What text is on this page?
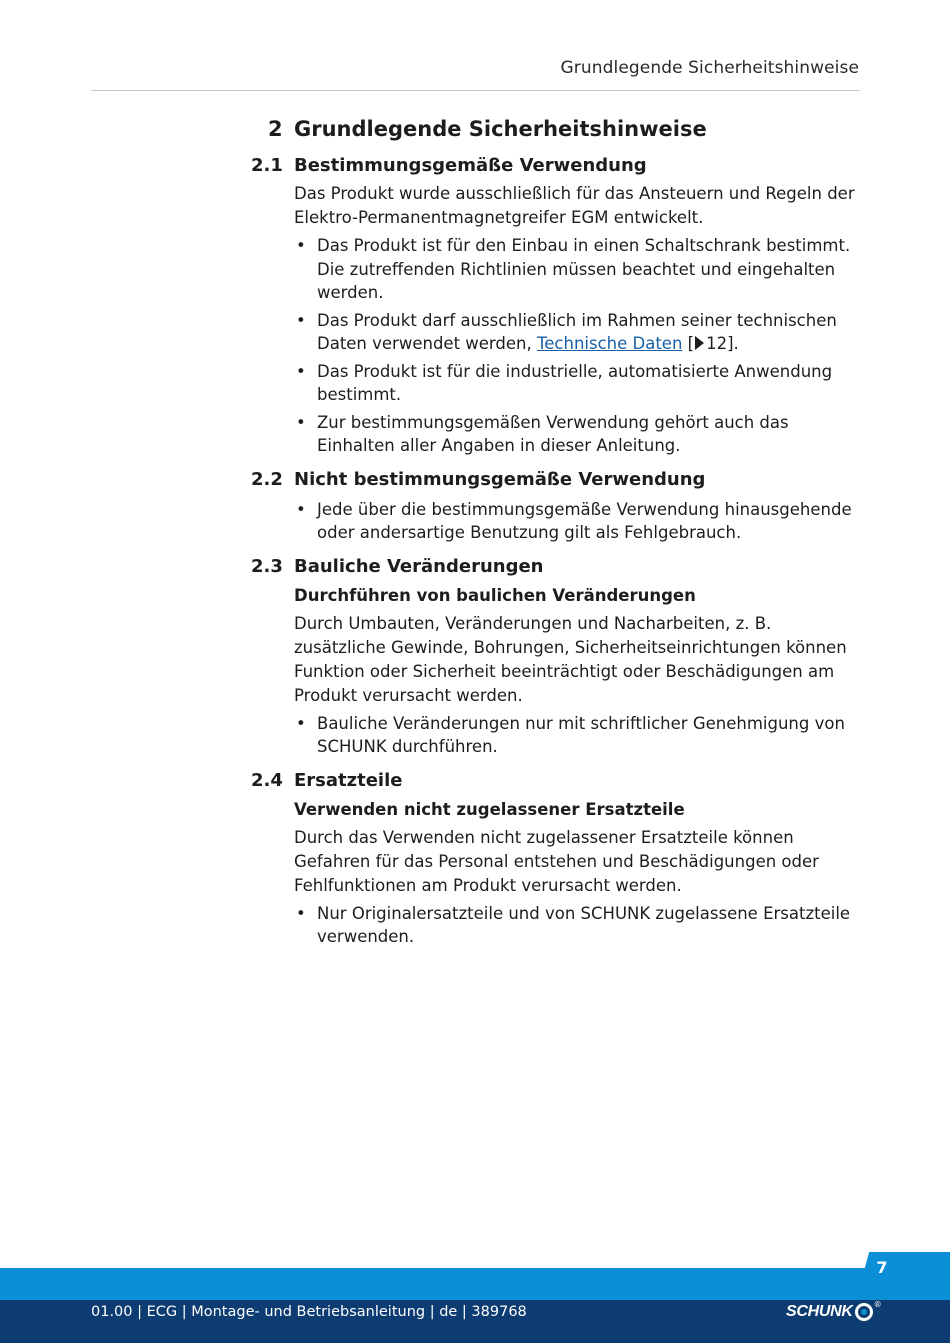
Grundlegende Sicherheitshinweise
2 Grundlegende Sicherheitshinweise
2.1 Bestimmungsgemäße Verwendung
Das Produkt wurde ausschließlich für das Ansteuern und Regeln der Elektro-Permanentmagnetgreifer EGM entwickelt.
• Das Produkt ist für den Einbau in einen Schaltschrank bestimmt. Die zutreffenden Richtlinien müssen beachtet und eingehalten werden.
• Das Produkt darf ausschließlich im Rahmen seiner technischen Daten verwendet werden, Technische Daten [ 12].
• Das Produkt ist für die industrielle, automatisierte Anwendung bestimmt.
• Zur bestimmungsgemäßen Verwendung gehört auch das Einhalten aller Angaben in dieser Anleitung.
2.2 Nicht bestimmungsgemäße Verwendung
• Jede über die bestimmungsgemäße Verwendung hinausgehende oder andersartige Benutzung gilt als Fehlgebrauch.
2.3 Bauliche Veränderungen
Durchführen von baulichen Veränderungen
Durch Umbauten, Veränderungen und Nacharbeiten, z. B. zusätzliche Gewinde, Bohrungen, Sicherheitseinrichtungen können Funktion oder Sicherheit beeinträchtigt oder Beschädigungen am Produkt verursacht werden.
• Bauliche Veränderungen nur mit schriftlicher Genehmigung von SCHUNK durchführen.
2.4 Ersatzteile
Verwenden nicht zugelassener Ersatzteile
Durch das Verwenden nicht zugelassener Ersatzteile können Gefahren für das Personal entstehen und Beschädigungen oder Fehlfunktionen am Produkt verursacht werden.
• Nur Originalersatzteile und von SCHUNK zugelassene Ersatzteile verwenden.
7
01.00 | ECG | Montage- und Betriebsanleitung | de | 389768	SCHUNK	®
